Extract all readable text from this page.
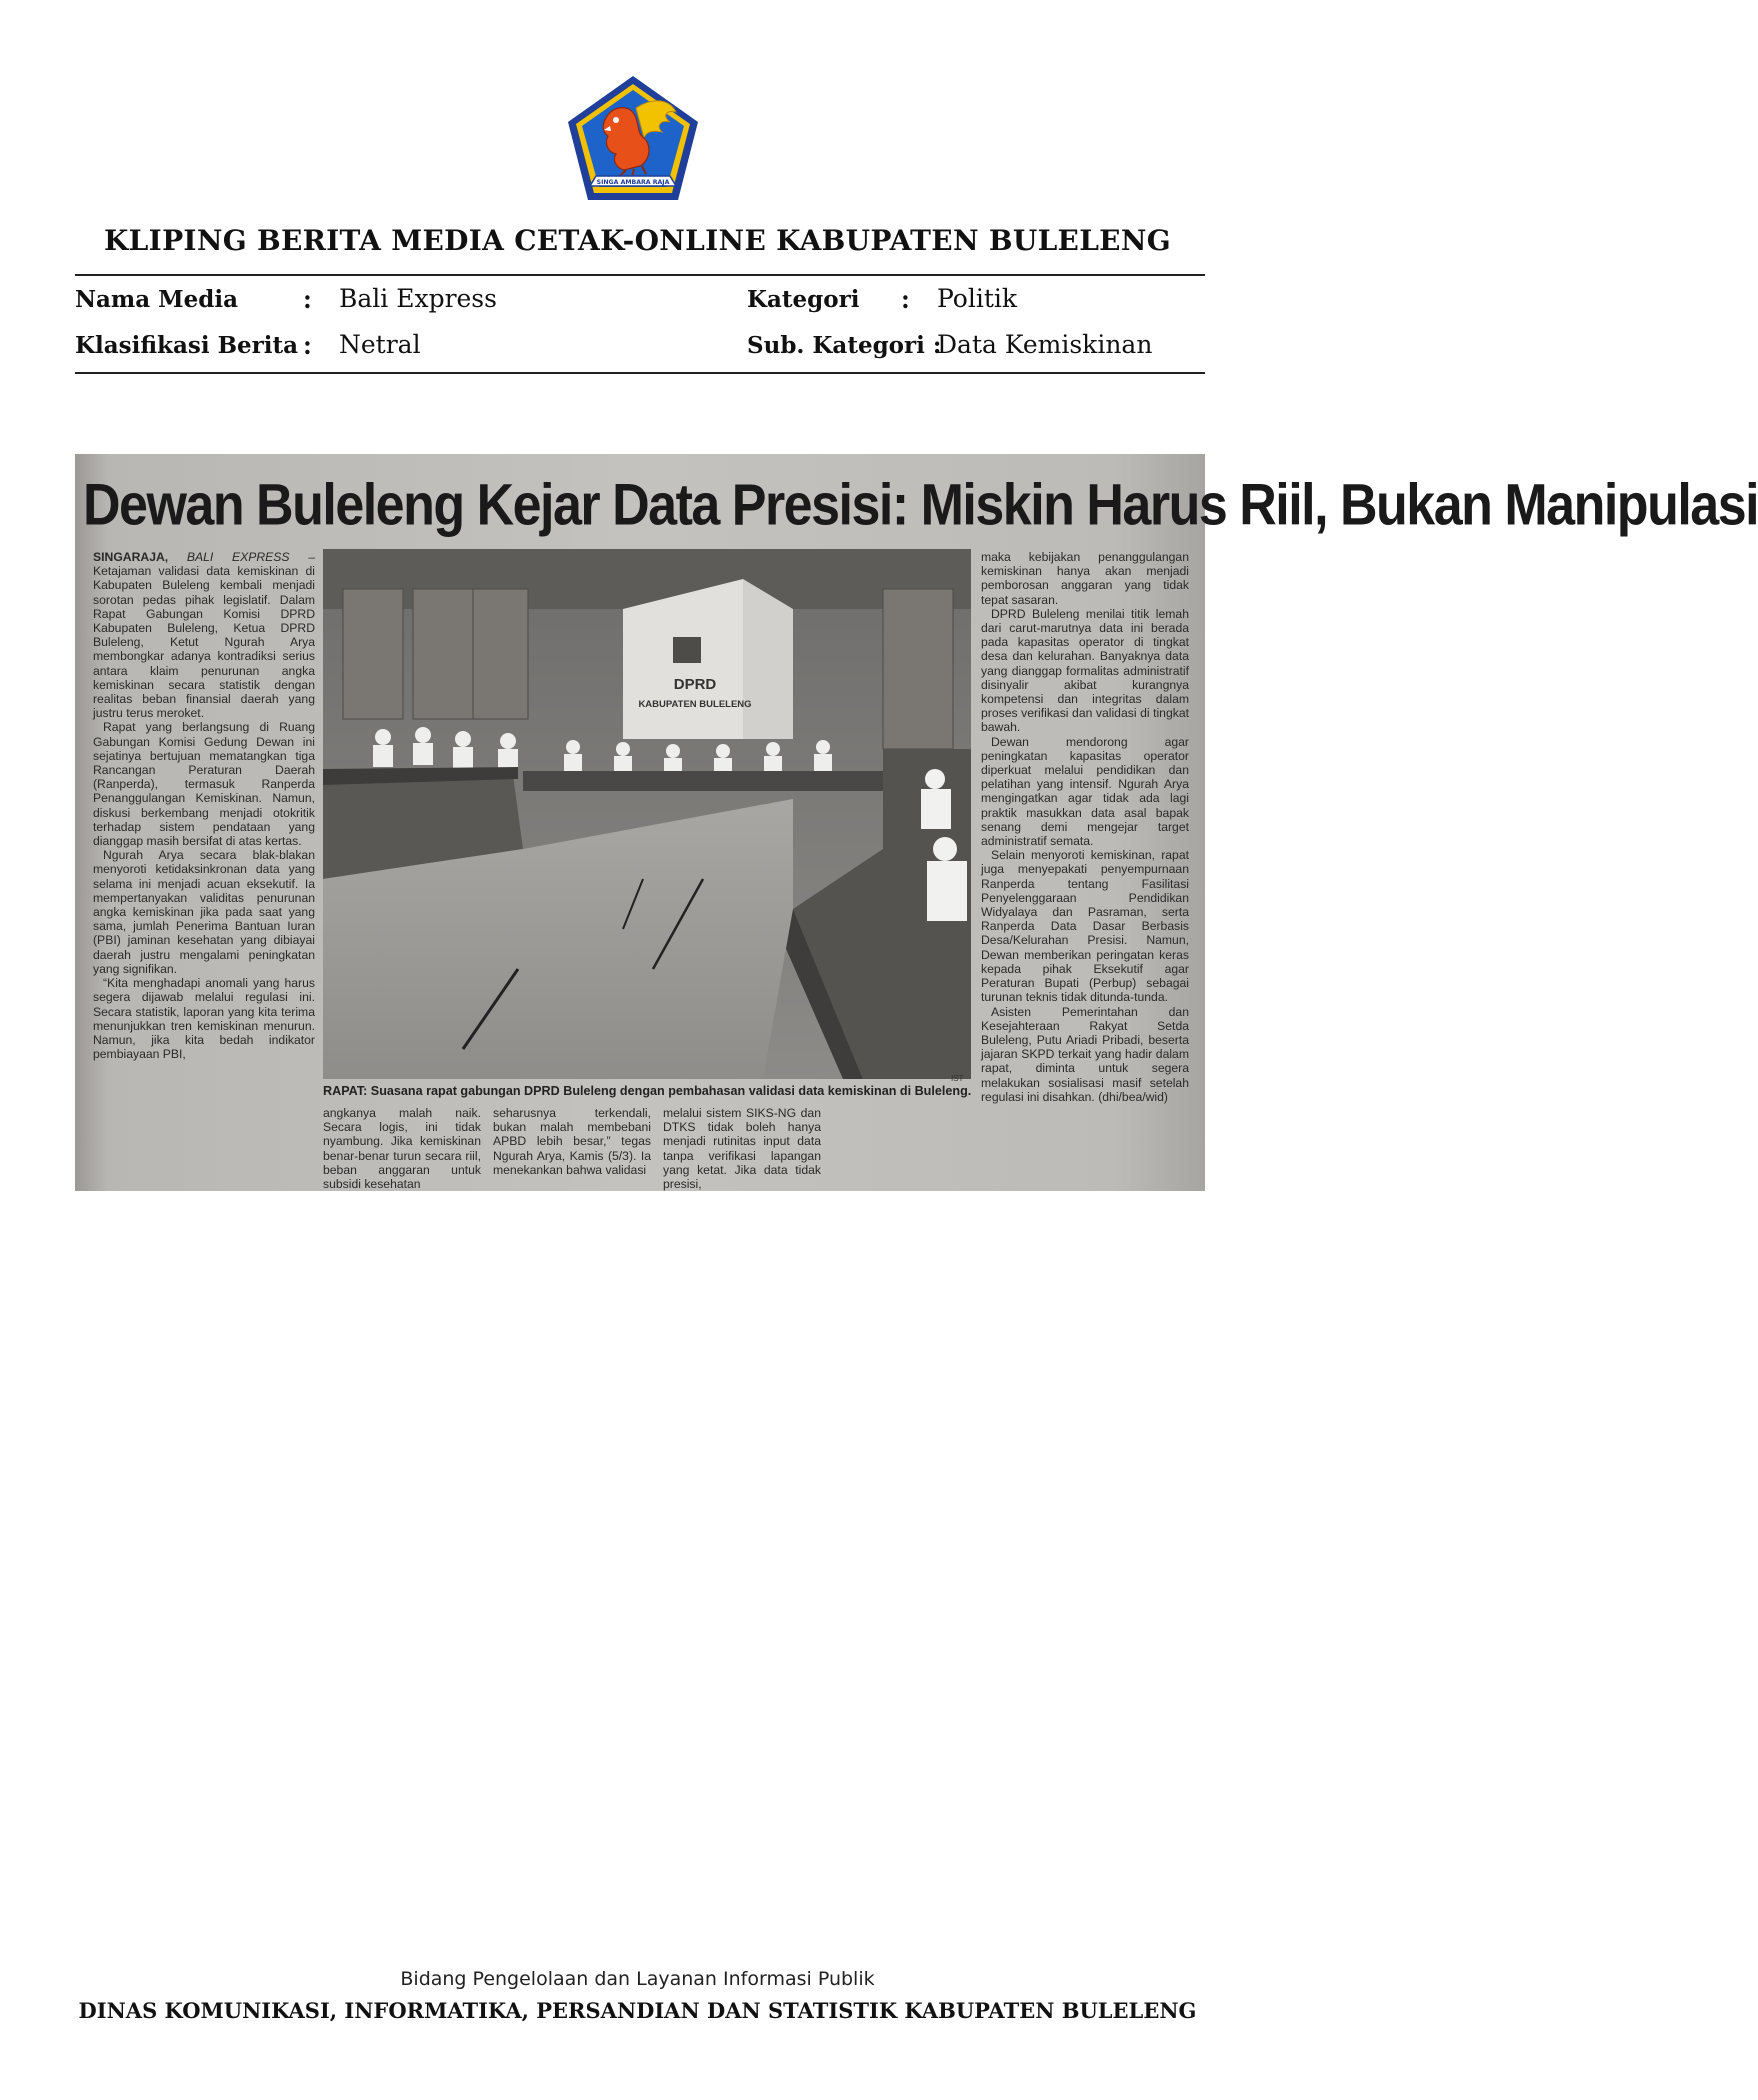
SINGA AMBARA RAJA
KLIPING BERITA MEDIA CETAK-ONLINE KABUPATEN BULELENG
Nama Media : Bali Express	Kategori : Politik
Klasifikasi Berita : Netral	Sub. Kategori :
Data Kemiskinan
Dewan Buleleng Kejar Data Presisi: Miskin Harus Riil, Bukan Manipulasi

SINGARAJA, BALI EXPRESS – Ketajaman validasi data kemiskinan di Kabupaten Buleleng kembali menjadi sorotan pedas pihak legislatif. Dalam Rapat Gabungan Komisi DPRD Kabupaten Buleleng, Ketua DPRD Buleleng, Ketut Ngurah Arya membongkar adanya kontradiksi serius antara klaim penurunan angka kemiskinan secara statistik dengan realitas beban finansial daerah yang justru terus meroket.

Rapat yang berlangsung di Ruang Gabungan Komisi Gedung Dewan ini sejatinya bertujuan mematangkan tiga Rancangan Peraturan Daerah (Ranperda), termasuk Ranperda Penanggulangan Kemiskinan. Namun, diskusi berkembang menjadi otokritik terhadap sistem pendataan yang dianggap masih bersifat di atas kertas.

Ngurah Arya secara blak-blakan menyoroti ketidaksinkronan data yang selama ini menjadi acuan eksekutif. Ia mempertanyakan validitas penurunan angka kemiskinan jika pada saat yang sama, jumlah Penerima Bantuan Iuran (PBI) jaminan kesehatan yang dibiayai daerah justru mengalami peningkatan yang signifikan.

“Kita menghadapi anomali yang harus segera dijawab melalui regulasi ini. Secara statistik, laporan yang kita terima menunjukkan tren kemiskinan menurun. Namun, jika kita bedah indikator pembiayaan PBI,

DPRD
KABUPATEN BULELENG
IST
RAPAT: Suasana rapat gabungan DPRD Buleleng dengan pembahasan validasi data kemiskinan di Buleleng.

angkanya malah naik. Secara logis, ini tidak nyambung. Jika kemiskinan benar-benar turun secara riil, beban anggaran untuk subsidi kesehatan

seharusnya terkendali, bukan malah membebani APBD lebih besar,” tegas Ngurah Arya, Kamis (5/3). Ia menekankan bahwa validasi

melalui sistem SIKS-NG dan DTKS tidak boleh hanya menjadi rutinitas input data tanpa verifikasi lapangan yang ketat. Jika data tidak presisi,

maka kebijakan penanggulangan kemiskinan hanya akan menjadi pemborosan anggaran yang tidak tepat sasaran.

DPRD Buleleng menilai titik lemah dari carut-marutnya data ini berada pada kapasitas operator di tingkat desa dan kelurahan. Banyaknya data yang dianggap formalitas administratif disinyalir akibat kurangnya kompetensi dan integritas dalam proses verifikasi dan validasi di tingkat bawah.

Dewan mendorong agar peningkatan kapasitas operator diperkuat melalui pendidikan dan pelatihan yang intensif. Ngurah Arya mengingatkan agar tidak ada lagi praktik masukkan data asal bapak senang demi mengejar target administratif semata.

Selain menyoroti kemiskinan, rapat juga menyepakati penyempurnaan Ranperda tentang Fasilitasi Penyelenggaraan Pendidikan Widyalaya dan Pasraman, serta Ranperda Data Dasar Berbasis Desa/Kelurahan Presisi. Namun, Dewan memberikan peringatan keras kepada pihak Eksekutif agar Peraturan Bupati (Perbup) sebagai turunan teknis tidak ditunda-tunda.

Asisten Pemerintahan dan Kesejahteraan Rakyat Setda Buleleng, Putu Ariadi Pribadi, beserta jajaran SKPD terkait yang hadir dalam rapat, diminta untuk segera melakukan sosialisasi masif setelah regulasi ini disahkan. (dhi/bea/wid)

Bidang Pengelolaan dan Layanan Informasi Publik
DINAS KOMUNIKASI, INFORMATIKA, PERSANDIAN DAN STATISTIK KABUPATEN BULELENG
